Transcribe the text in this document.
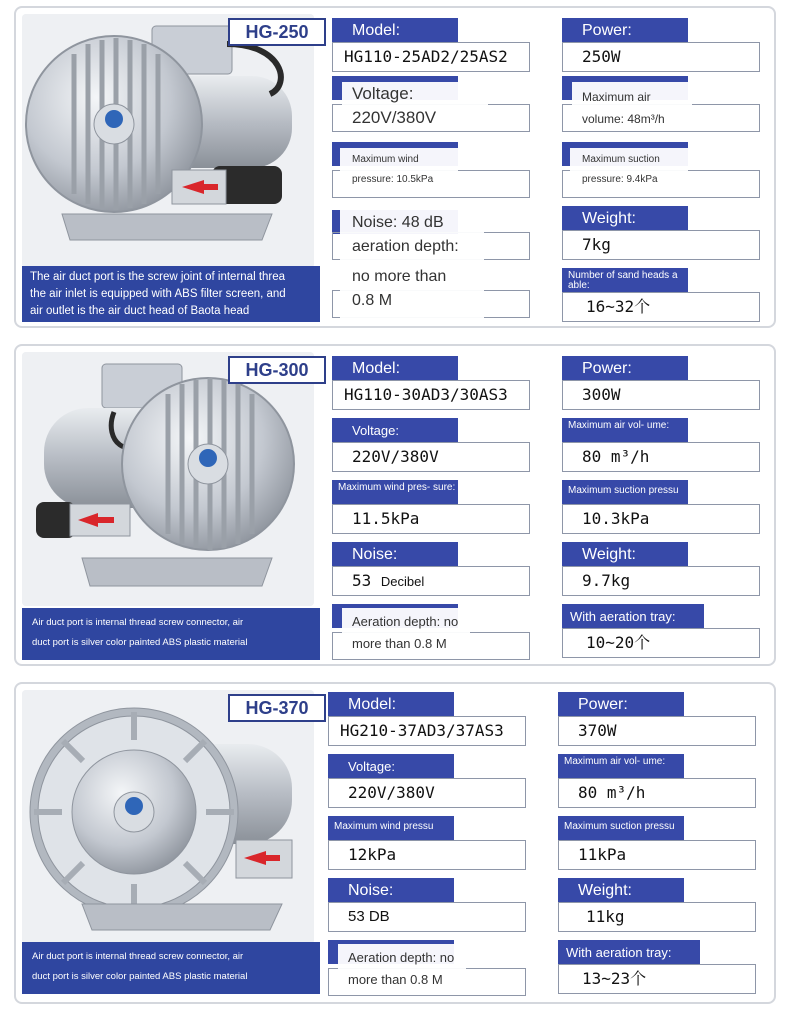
HG-250
The air duct port is the screw joint of internal threa
the air inlet is equipped with ABS filter screen, and
air outlet is the air duct head of Baota head
Model:
HG110-25AD2/25AS2
Power:
250W
Voltage:
220V/380V
Maximum air
volume: 48m³/h
Maximum wind
pressure: 10.5kPa
Maximum suction
pressure: 9.4kPa
Noise: 48 dB
aeration depth:
no more than
0.8 M
Weight:
7kg
Number of sand heads a able:
16~32个
HG-300
Air duct port is internal thread screw connector, air
duct port is silver color painted ABS plastic material
Model:
HG110-30AD3/30AS3
Power:
300W
Voltage:
220V/380V
Maximum air vol- ume:
80 m³/h
Maximum wind pres- sure:
11.5kPa
Maximum suction pressu
10.3kPa
Noise:
53 Decibel
Weight:
9.7kg
Aeration depth: no
more than 0.8 M
With aeration tray:
10~20个
HG-370
Air duct port is internal thread screw connector, air
duct port is silver color painted ABS plastic material
Model:
HG210-37AD3/37AS3
Power:
370W
Voltage:
220V/380V
Maximum air vol- ume:
80 m³/h
Maximum wind pressu
12kPa
Maximum suction pressu
11kPa
Noise:
53 DB
Weight:
11kg
Aeration depth: no
more than 0.8 M
With aeration tray:
13~23个
